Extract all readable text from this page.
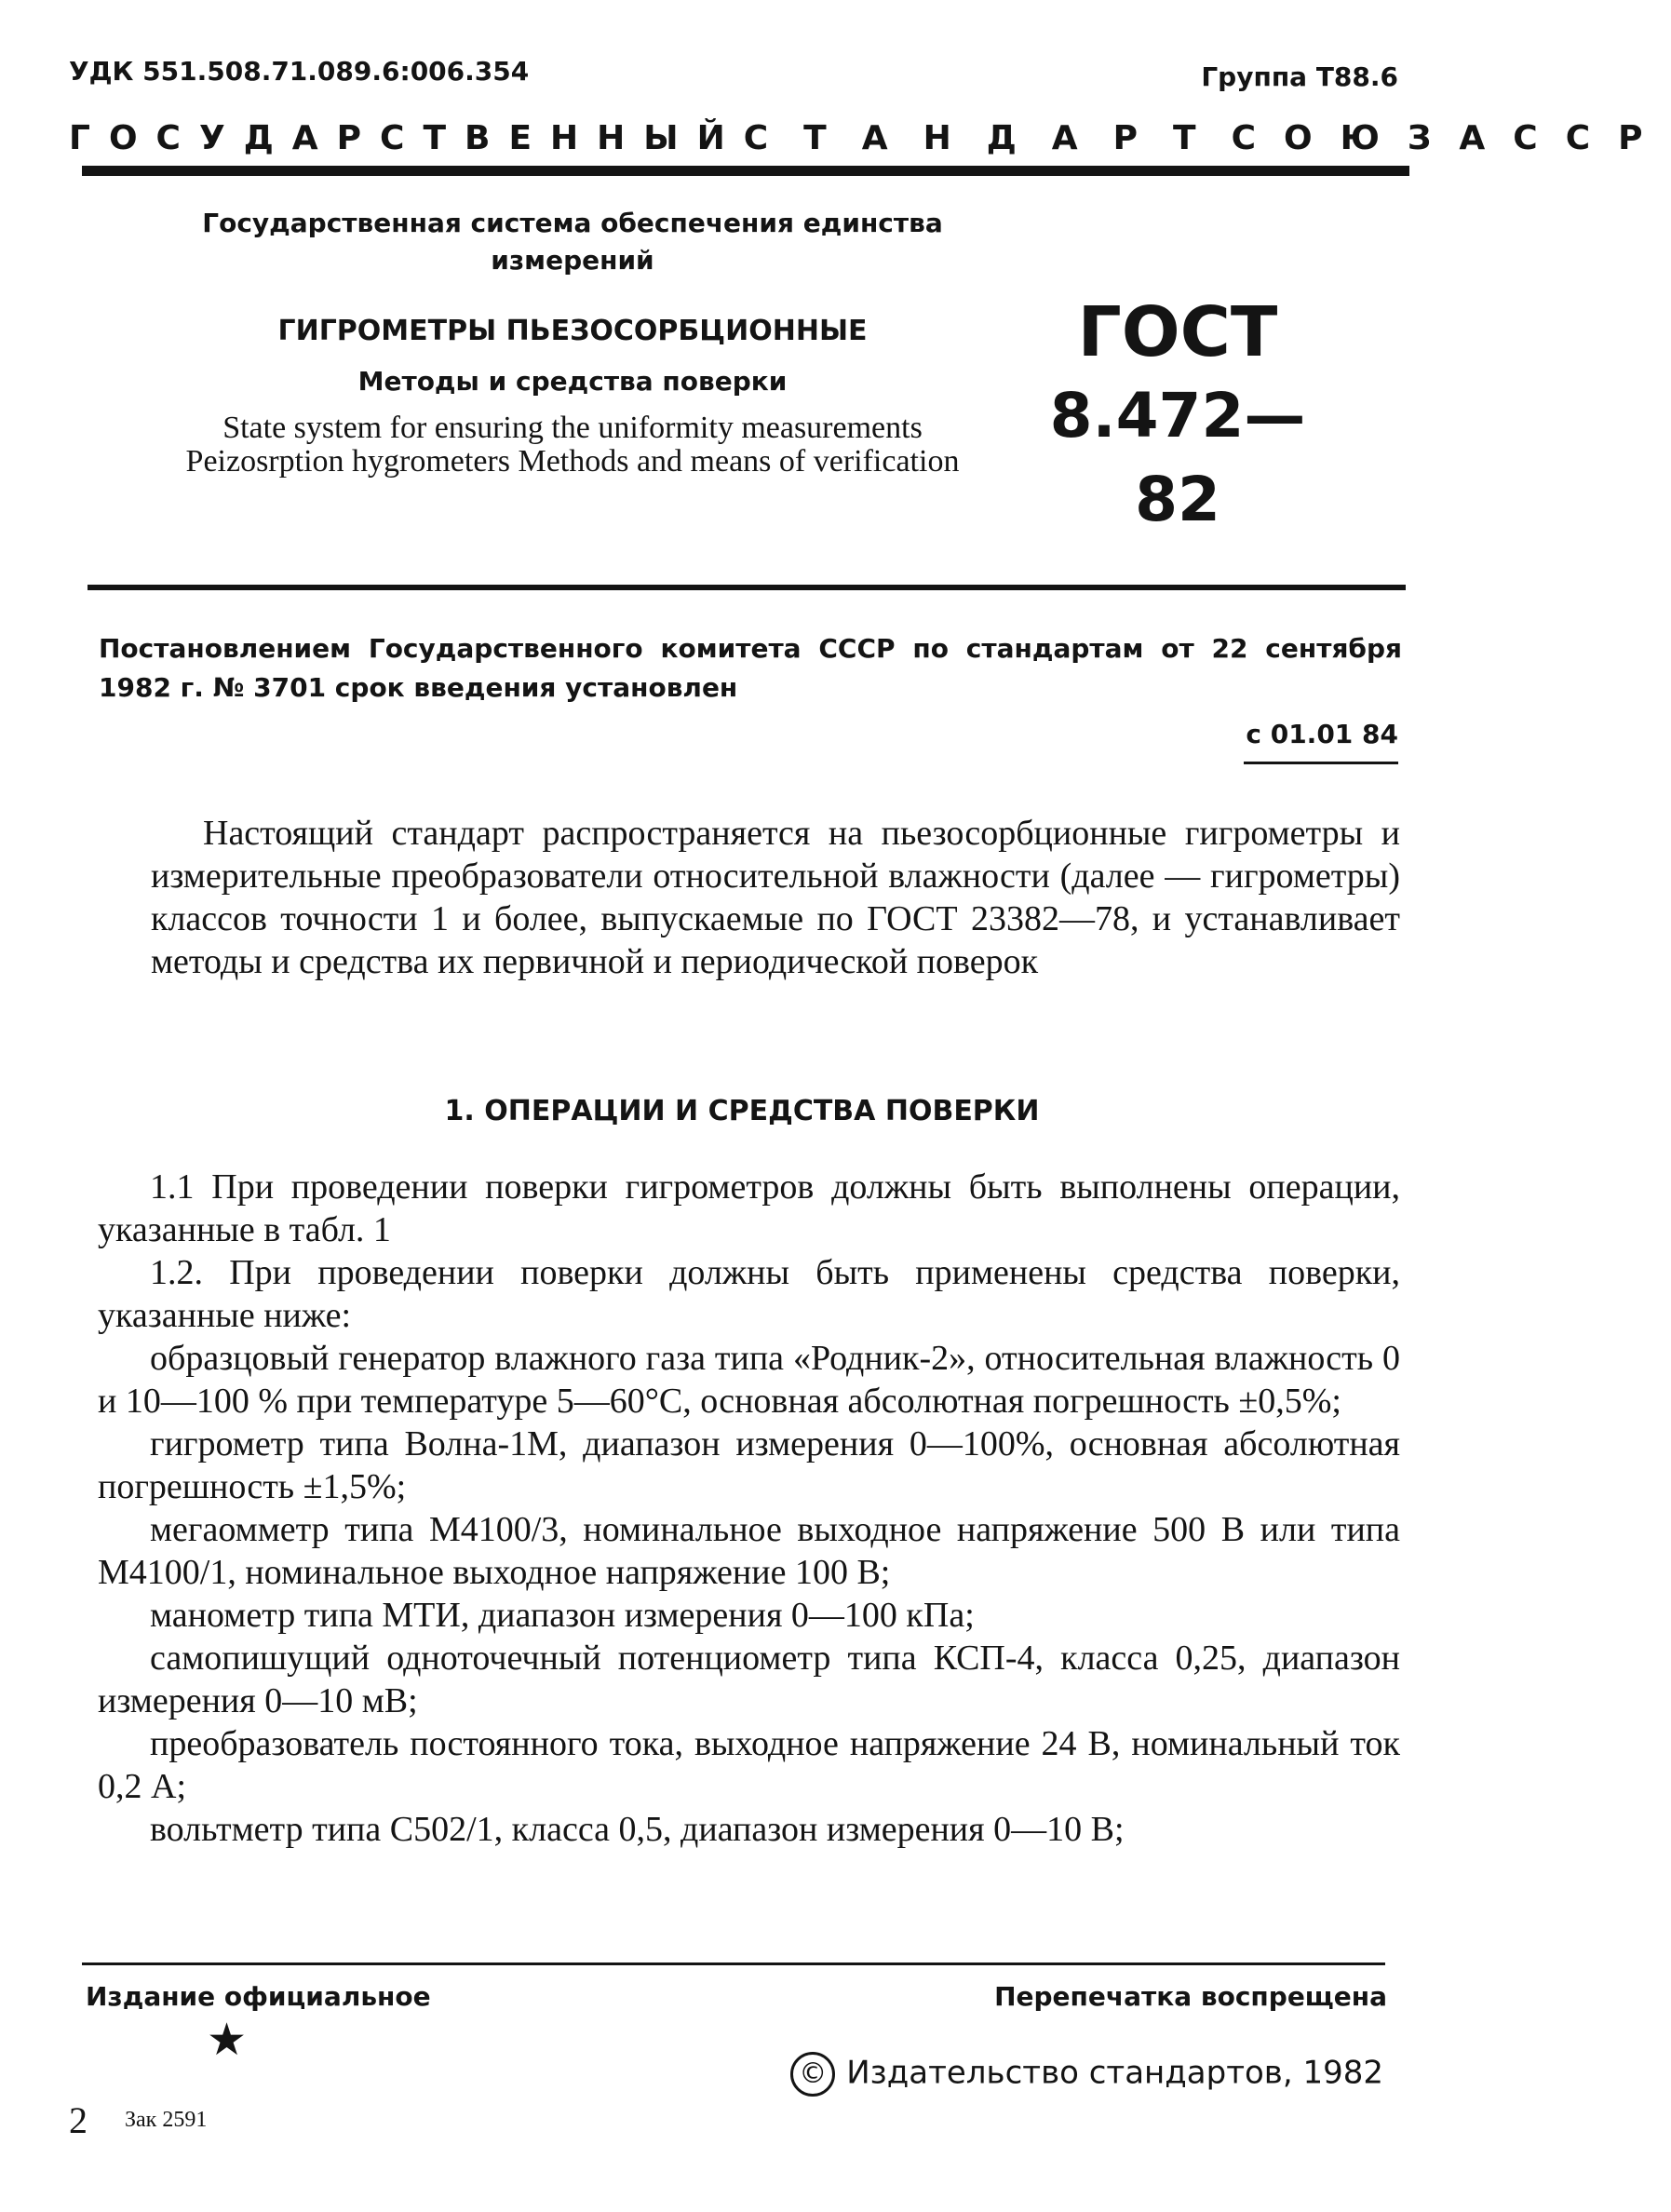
УДК 551.508.71.089.6:006.354	Группа Т88.6
ГОСУДАРСТВЕННЫЙ СТАНДАРТ СОЮЗА ССР
Государственная система обеспечения единства измерений
ГИГРОМЕТРЫ ПЬЕЗОСОРБЦИОННЫЕ
Методы и средства поверки
State system for ensuring the uniformity measurements Peizosrption hygrometers Methods and means of verification
ГОСТ
8.472—82
Постановлением Государственного комитета СССР по стандартам от 22 сентября 1982 г. № 3701 срок введения установлен
с 01.01 84

Настоящий стандарт распространяется на пьезосорбционные гигрометры и измерительные преобразователи относительной влажности (далее — гигрометры) классов точности 1 и более, выпускаемые по ГОСТ 23382—78, и устанавливает методы и средства их первичной и периодической поверок

1. ОПЕРАЦИИ И СРЕДСТВА ПОВЕРКИ

1.1 При проведении поверки гигрометров должны быть выполнены операции, указанные в табл. 1

1.2. При проведении поверки должны быть применены средства поверки, указанные ниже:

образцовый генератор влажного газа типа «Родник-2», относительная влажность 0 и 10—100 % при температуре 5—60°С, основная абсолютная погрешность ±0,5%;

гигрометр типа Волна-1М, диапазон измерения 0—100%, основная абсолютная погрешность ±1,5%;

мегаомметр типа М4100/3, номинальное выходное напряжение 500 В или типа М4100/1, номинальное выходное напряжение 100 В;

манометр типа МТИ, диапазон измерения 0—100 кПа;

самопишущий одноточечный потенциометр типа КСП-4, класса 0,25, диапазон измерения 0—10 мВ;

преобразователь постоянного тока, выходное напряжение 24 В, номинальный ток 0,2 А;

вольтметр типа С502/1, класса 0,5, диапазон измерения 0—10 В;

Издание официальное	Перепечатка воспрещена
★
© Издательство стандартов, 1982
2 Зак 2591
